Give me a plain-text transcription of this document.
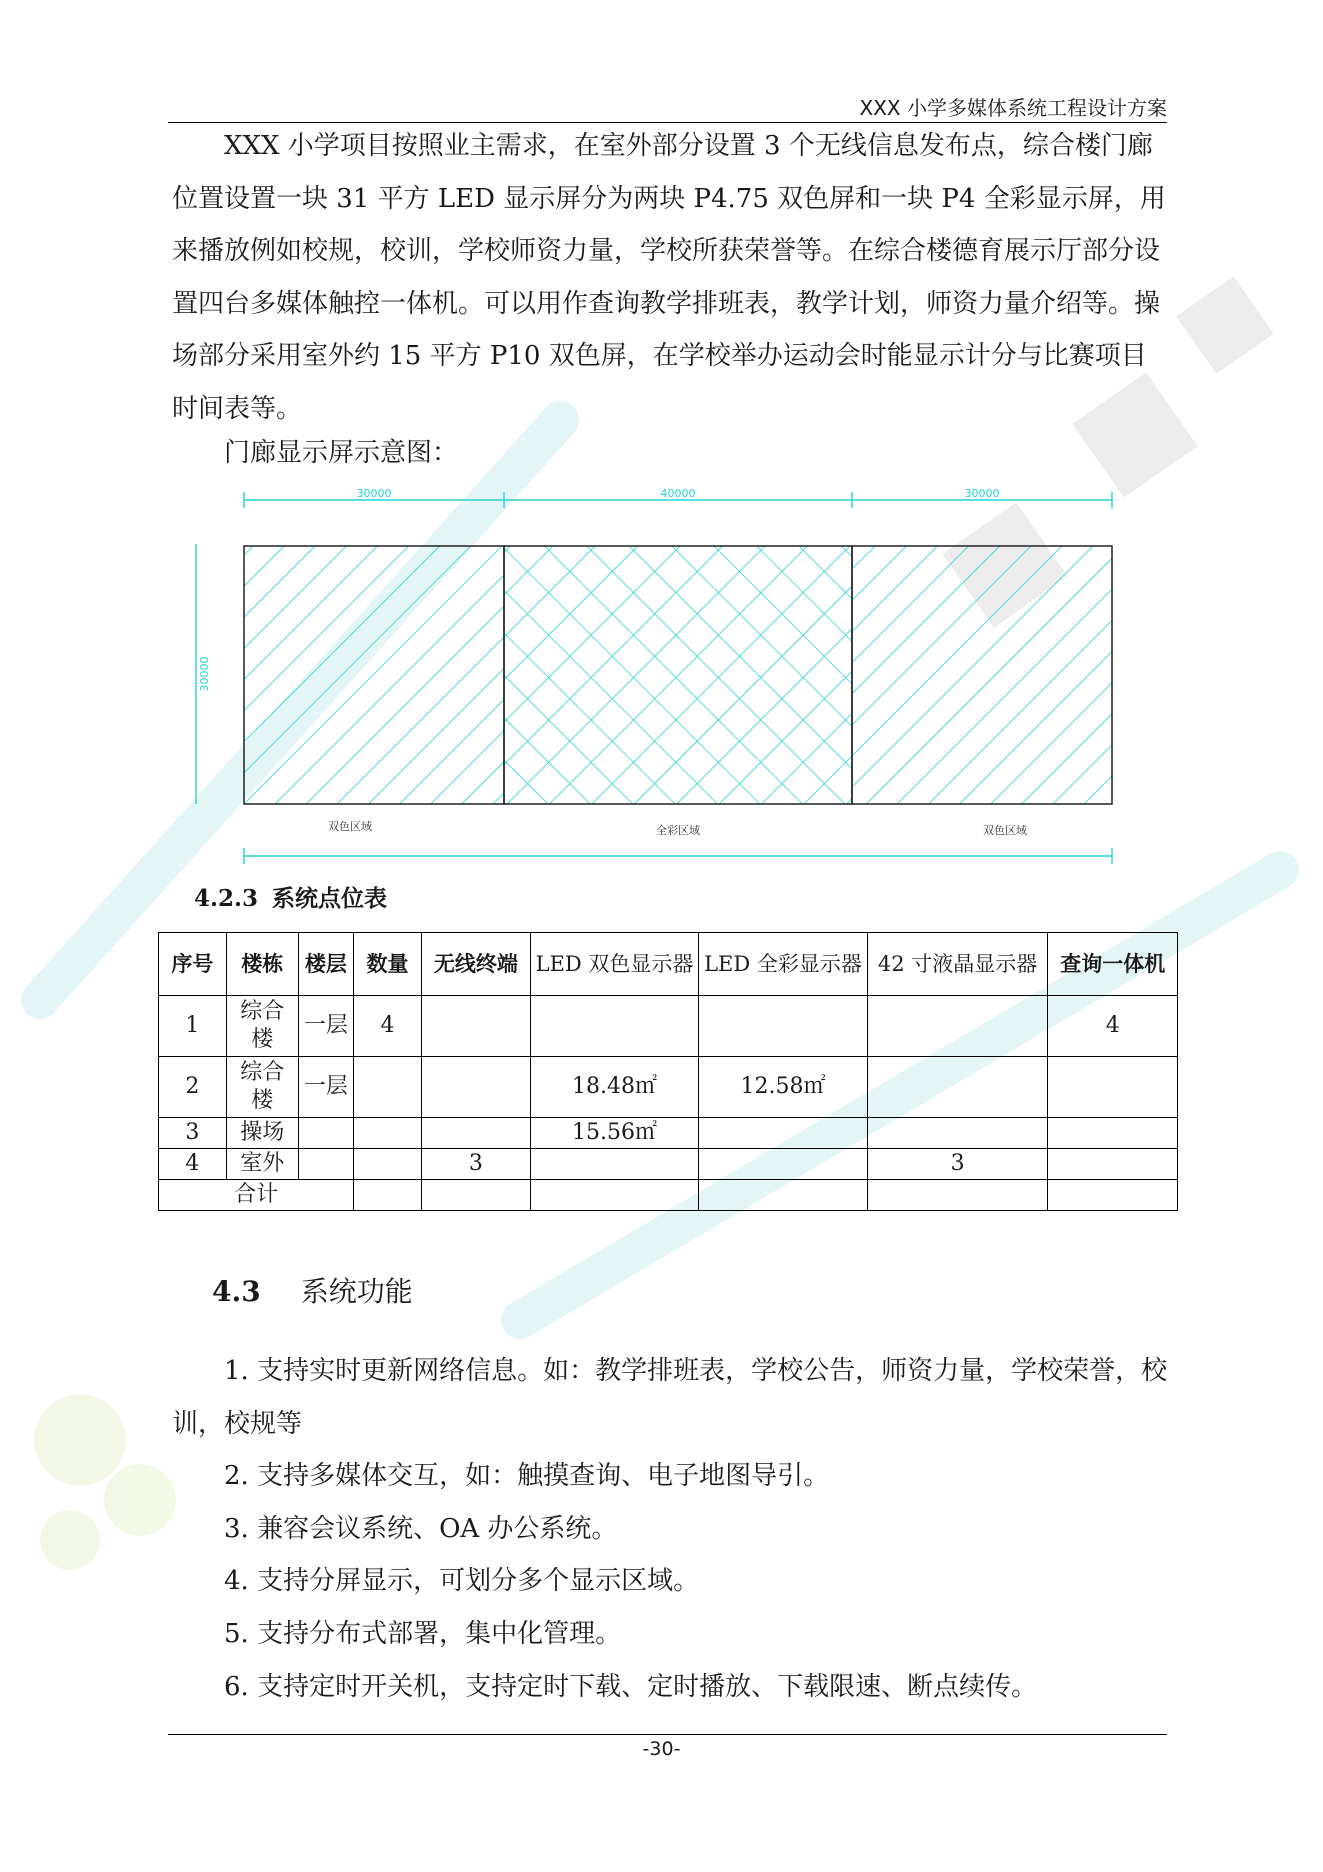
XXX 小学多媒体系统工程设计方案

XXX 小学项目按照业主需求，在室外部分设置 3 个无线信息发布点，综合楼门廊位置设置一块 31 平方 LED 显示屏分为两块 P4.75 双色屏和一块 P4 全彩显示屏，用来播放例如校规，校训，学校师资力量，学校所获荣誉等。在综合楼德育展示厅部分设置四台多媒体触控一体机。可以用作查询教学排班表，教学计划，师资力量介绍等。操场部分采用室外约 15 平方 P10 双色屏，在学校举办运动会时能显示计分与比赛项目时间表等。

门廊显示屏示意图：
30000	40000	30000
30000
双色区域	全彩区域	双色区域
4.2.3 系统点位表
序号	楼栋	楼层	数量	无线终端	LED 双色显示器	LED 全彩显示器	42 寸液晶显示器	查询一体机
1	综合楼	一层	4					4
2	综合楼	一层			18.48㎡	12.58㎡		
3	操场				15.56㎡			
4	室外			3			3	
合计								
4.3 系统功能

1. 支持实时更新网络信息。如：教学排班表，学校公告，师资力量，学校荣誉，校训，校规等

2. 支持多媒体交互，如：触摸查询、电子地图导引。

3. 兼容会议系统、OA 办公系统。

4. 支持分屏显示，可划分多个显示区域。

5. 支持分布式部署，集中化管理。

6. 支持定时开关机，支持定时下载、定时播放、下载限速、断点续传。

-30-
